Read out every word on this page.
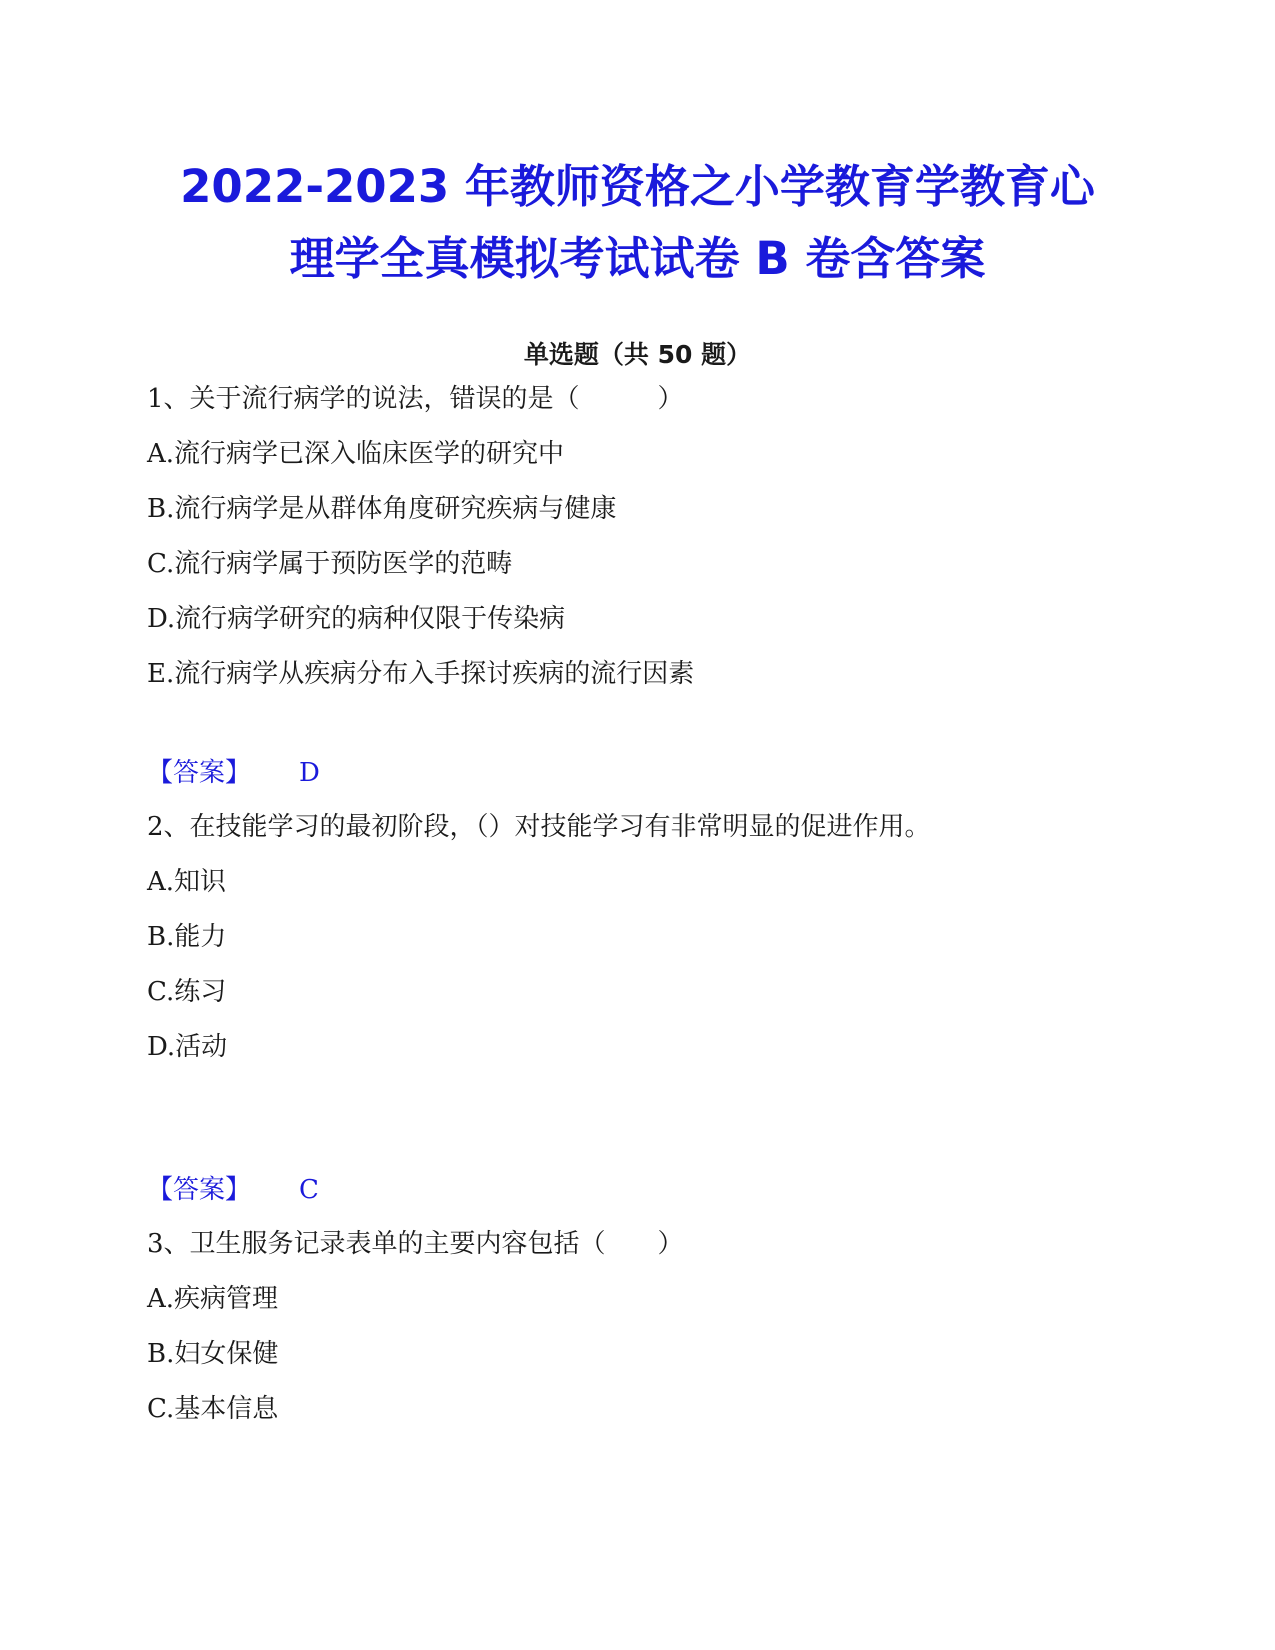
2022-2023 年教师资格之小学教育学教育心
理学全真模拟考试试卷 B 卷含答案
单选题（共 50 题）
1、关于流行病学的说法，错误的是（　　　）
A.流行病学已深入临床医学的研究中
B.流行病学是从群体角度研究疾病与健康
C.流行病学属于预防医学的范畴
D.流行病学研究的病种仅限于传染病
E.流行病学从疾病分布入手探讨疾病的流行因素
【答案】 D
2、在技能学习的最初阶段，（）对技能学习有非常明显的促进作用。
A.知识
B.能力
C.练习
D.活动
【答案】 C
3、卫生服务记录表单的主要内容包括（　　）
A.疾病管理
B.妇女保健
C.基本信息
